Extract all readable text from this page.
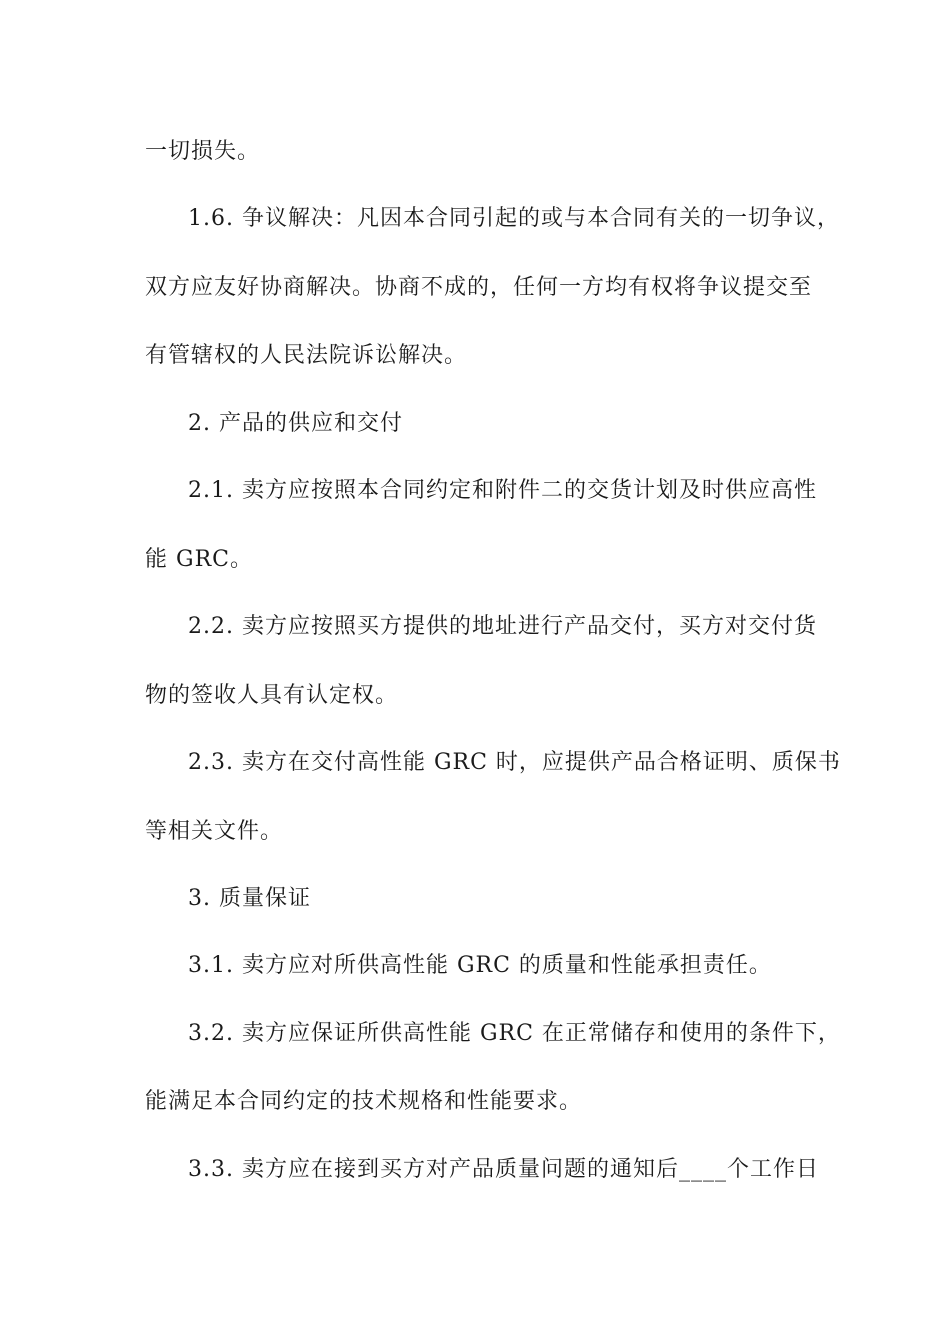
一切损失。
1.6. 争议解决：凡因本合同引起的或与本合同有关的一切争议，
双方应友好协商解决。协商不成的，任何一方均有权将争议提交至
有管辖权的人民法院诉讼解决。
2. 产品的供应和交付
2.1. 卖方应按照本合同约定和附件二的交货计划及时供应高性
能 GRC。
2.2. 卖方应按照买方提供的地址进行产品交付，买方对交付货
物的签收人具有认定权。
2.3. 卖方在交付高性能 GRC 时，应提供产品合格证明、质保书
等相关文件。
3. 质量保证
3.1. 卖方应对所供高性能 GRC 的质量和性能承担责任。
3.2. 卖方应保证所供高性能 GRC 在正常储存和使用的条件下，
能满足本合同约定的技术规格和性能要求。
3.3. 卖方应在接到买方对产品质量问题的通知后____个工作日
